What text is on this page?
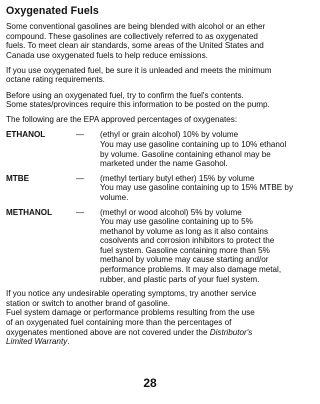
Oxygenated Fuels

Some conventional gasolines are being blended with alcohol or an ether
compound. These gasolines are collectively referred to as oxygenated
fuels. To meet clean air standards, some areas of the United States and
Canada use oxygenated fuels to help reduce emissions.

If you use oxygenated fuel, be sure it is unleaded and meets the minimum
octane rating requirements.

Before using an oxygenated fuel, try to confirm the fuel's contents.
Some states/provinces require this information to be posted on the pump.

The following are the EPA approved percentages of oxygenates:

ETHANOL	—	(ethyl or grain alcohol) 10% by volume
You may use gasoline containing up to 10% ethanol
by volume. Gasoline containing ethanol may be
marketed under the name Gasohol.
MTBE	—	(methyl tertiary butyl ether) 15% by volume
You may use gasoline containing up to 15% MTBE by
volume.
METHANOL	—	(methyl or wood alcohol) 5% by volume
You may use gasoline containing up to 5%
methanol by volume as long as it also contains
cosolvents and corrosion inhibitors to protect the
fuel system. Gasoline containing more than 5%
methanol by volume may cause starting and/or
performance problems. It may also damage metal,
rubber, and plastic parts of your fuel system.

If you notice any undesirable operating symptoms, try another service
station or switch to another brand of gasoline.
Fuel system damage or performance problems resulting from the use
of an oxygenated fuel containing more than the percentages of
oxygenates mentioned above are not covered under the Distributor's
Limited Warranty.

28
